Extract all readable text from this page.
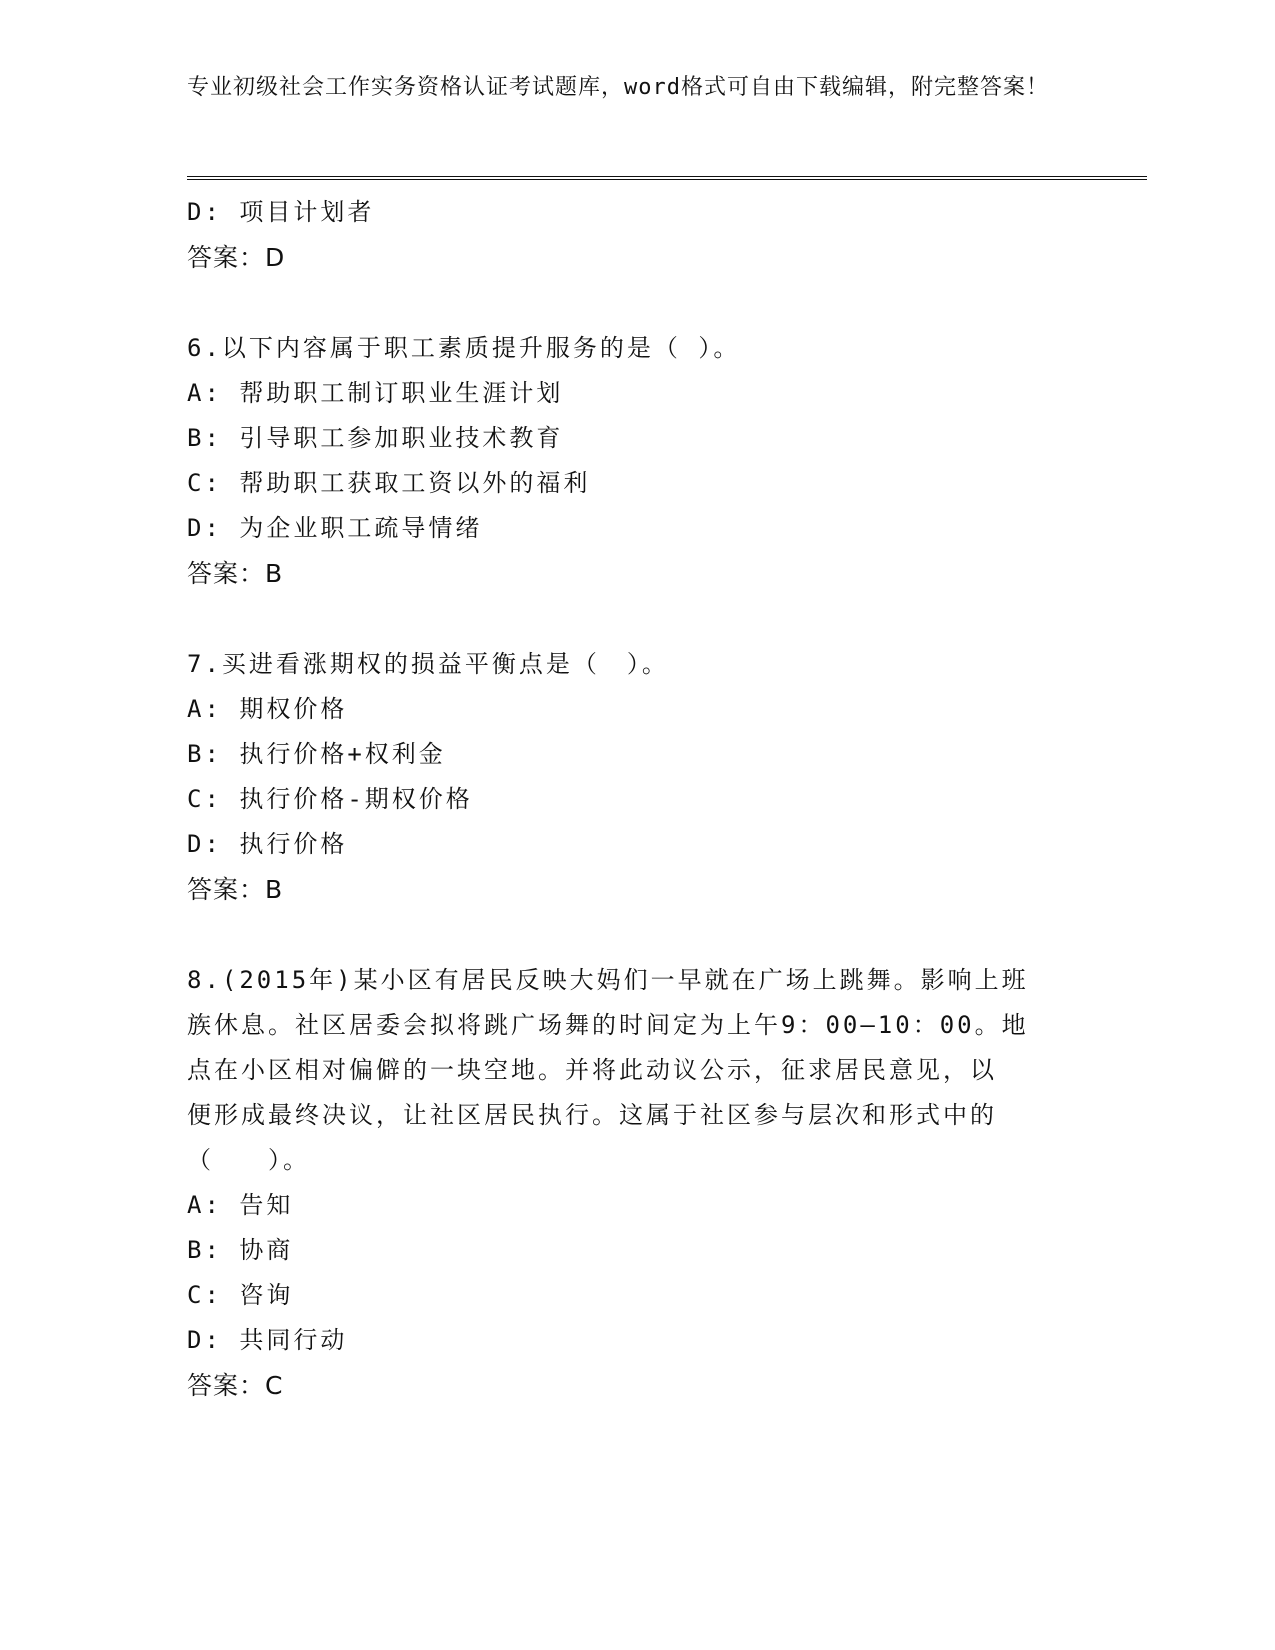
专业初级社会工作实务资格认证考试题库，word格式可自由下载编辑，附完整答案！
D: 项目计划者
答案：D
6.以下内容属于职工素质提升服务的是（ ）。
A: 帮助职工制订职业生涯计划
B: 引导职工参加职业技术教育
C: 帮助职工获取工资以外的福利
D: 为企业职工疏导情绪
答案：B
7.买进看涨期权的损益平衡点是（　）。
A: 期权价格
B: 执行价格+权利金
C: 执行价格-期权价格
D: 执行价格
答案：B
8.(2015年)某小区有居民反映大妈们一早就在广场上跳舞。影响上班
族休息。社区居委会拟将跳广场舞的时间定为上午9：00—10：00。地
点在小区相对偏僻的一块空地。并将此动议公示，征求居民意见，以
便形成最终决议，让社区居民执行。这属于社区参与层次和形式中的
（　　）。
A: 告知
B: 协商
C: 咨询
D: 共同行动
答案：C
